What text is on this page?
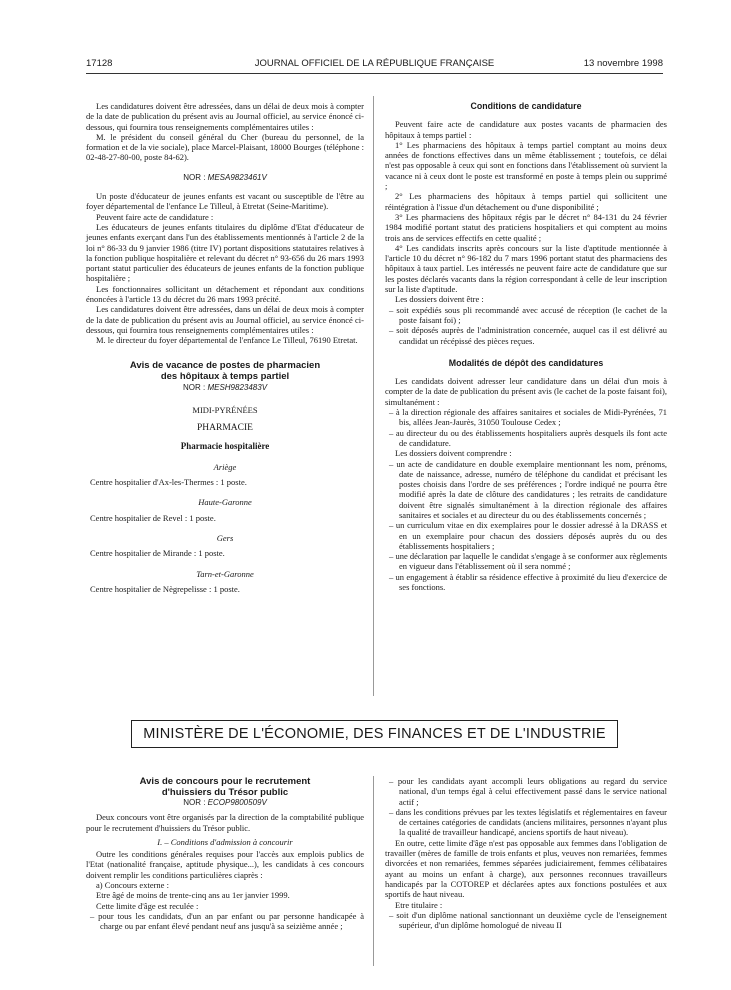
17128	JOURNAL OFFICIEL DE LA RÉPUBLIQUE FRANÇAISE	13 novembre 1998

Les candidatures doivent être adressées, dans un délai de deux mois à compter de la date de publication du présent avis au Journal officiel, au service énoncé ci-dessous, qui fournira tous renseignements complémentaires utiles :

M. le président du conseil général du Cher (bureau du personnel, de la formation et de la vie sociale), place Marcel-Plaisant, 18000 Bourges (téléphone : 02-48-27-80-00, poste 84-62).

NOR : MESA9823461V

Un poste d'éducateur de jeunes enfants est vacant ou susceptible de l'être au foyer départemental de l'enfance Le Tilleul, à Etretat (Seine-Maritime).

Peuvent faire acte de candidature :

Les éducateurs de jeunes enfants titulaires du diplôme d'Etat d'éducateur de jeunes enfants exerçant dans l'un des établissements mentionnés à l'article 2 de la loi n° 86-33 du 9 janvier 1986 (titre IV) portant dispositions statutaires relatives à la fonction publique hospitalière et relevant du décret n° 93-656 du 26 mars 1993 portant statut particulier des éducateurs de jeunes enfants de la fonction publique hospitalière ;

Les fonctionnaires sollicitant un détachement et répondant aux conditions énoncées à l'article 13 du décret du 26 mars 1993 précité.

Les candidatures doivent être adressées, dans un délai de deux mois à compter de la date de publication du présent avis au Journal officiel, au service énoncé ci-dessous, qui fournira tous renseignements complémentaires utiles :

M. le directeur du foyer départemental de l'enfance Le Tilleul, 76190 Etretat.

Avis de vacance de postes de pharmacien
des hôpitaux à temps partiel
NOR : MESH9823483V
MIDI-PYRÉNÉES
PHARMACIE
Pharmacie hospitalière
Ariège
Centre hospitalier d'Ax-les-Thermes : 1 poste.
Haute-Garonne
Centre hospitalier de Revel : 1 poste.
Gers
Centre hospitalier de Mirande : 1 poste.
Tarn-et-Garonne
Centre hospitalier de Nègrepelisse : 1 poste.
Conditions de candidature

Peuvent faire acte de candidature aux postes vacants de pharmacien des hôpitaux à temps partiel :

1° Les pharmaciens des hôpitaux à temps partiel comptant au moins deux années de fonctions effectives dans un même établissement ; toutefois, ce délai n'est pas opposable à ceux qui sont en fonctions dans l'établissement où survient la vacance ni à ceux dont le poste est transformé en poste à temps plein ou supprimé ;

2° Les pharmaciens des hôpitaux à temps partiel qui sollicitent une réintégration à l'issue d'un détachement ou d'une disponibilité ;

3° Les pharmaciens des hôpitaux régis par le décret n° 84-131 du 24 février 1984 modifié portant statut des praticiens hospitaliers et qui comptent au moins trois ans de services effectifs en cette qualité ;

4° Les candidats inscrits après concours sur la liste d'aptitude mentionnée à l'article 10 du décret n° 96-182 du 7 mars 1996 portant statut des pharmaciens des hôpitaux à taux partiel. Les intéressés ne peuvent faire acte de candidature que sur les postes déclarés vacants dans la région correspondant à celle de leur inscription sur la liste d'aptitude.

Les dossiers doivent être :

– soit expédiés sous pli recommandé avec accusé de réception (le cachet de la poste faisant foi) ;

– soit déposés auprès de l'administration concernée, auquel cas il est délivré au candidat un récépissé des pièces reçues.

Modalités de dépôt des candidatures

Les candidats doivent adresser leur candidature dans un délai d'un mois à compter de la date de publication du présent avis (le cachet de la poste faisant foi), simultanément :

– à la direction régionale des affaires sanitaires et sociales de Midi-Pyrénées, 71 bis, allées Jean-Jaurès, 31050 Toulouse Cedex ;

– au directeur du ou des établissements hospitaliers auprès desquels ils font acte de candidature.

Les dossiers doivent comprendre :

– un acte de candidature en double exemplaire mentionnant les nom, prénoms, date de naissance, adresse, numéro de téléphone du candidat et précisant les postes choisis dans l'ordre de ses préférences ; l'ordre indiqué ne pourra être modifié après la date de clôture des candidatures ; les retraits de candidature doivent être signalés simultanément à la direction régionale des affaires sanitaires et sociales et au directeur du ou des établissements concernés ;

– un curriculum vitae en dix exemplaires pour le dossier adressé à la DRASS et en un exemplaire pour chacun des dossiers déposés auprès du ou des établissements hospitaliers ;

– une déclaration par laquelle le candidat s'engage à se conformer aux règlements en vigueur dans l'établissement où il sera nommé ;

– un engagement à établir sa résidence effective à proximité du lieu d'exercice de ses fonctions.

MINISTÈRE DE L'ÉCONOMIE, DES FINANCES ET DE L'INDUSTRIE
Avis de concours pour le recrutement
d'huissiers du Trésor public
NOR : ECOP9800509V

Deux concours vont être organisés par la direction de la comptabilité publique pour le recrutement d'huissiers du Trésor public.

I. – Conditions d'admission à concourir

Outre les conditions générales requises pour l'accès aux emplois publics de l'Etat (nationalité française, aptitude physique...), les candidats à ces concours doivent remplir les conditions particulières ciaprès :

a) Concours externe :

Etre âgé de moins de trente-cinq ans au 1er janvier 1999.

Cette limite d'âge est reculée :

– pour tous les candidats, d'un an par enfant ou par personne handicapée à charge ou par enfant élevé pendant neuf ans jusqu'à sa seizième année ;

– pour les candidats ayant accompli leurs obligations au regard du service national, d'un temps égal à celui effectivement passé dans le service national actif ;

– dans les conditions prévues par les textes législatifs et réglementaires en faveur de certaines catégories de candidats (anciens militaires, personnes n'ayant plus la qualité de travailleur handicapé, anciens sportifs de haut niveau).

En outre, cette limite d'âge n'est pas opposable aux femmes dans l'obligation de travailler (mères de famille de trois enfants et plus, veuves non remariées, femmes divorcées et non remariées, femmes séparées judiciairement, femmes célibataires ayant au moins un enfant à charge), aux personnes reconnues travailleurs handicapés par la COTOREP et déclarées aptes aux fonctions postulées et aux sportifs de haut niveau.

Etre titulaire :

– soit d'un diplôme national sanctionnant un deuxième cycle de l'enseignement supérieur, d'un diplôme homologué de niveau II
